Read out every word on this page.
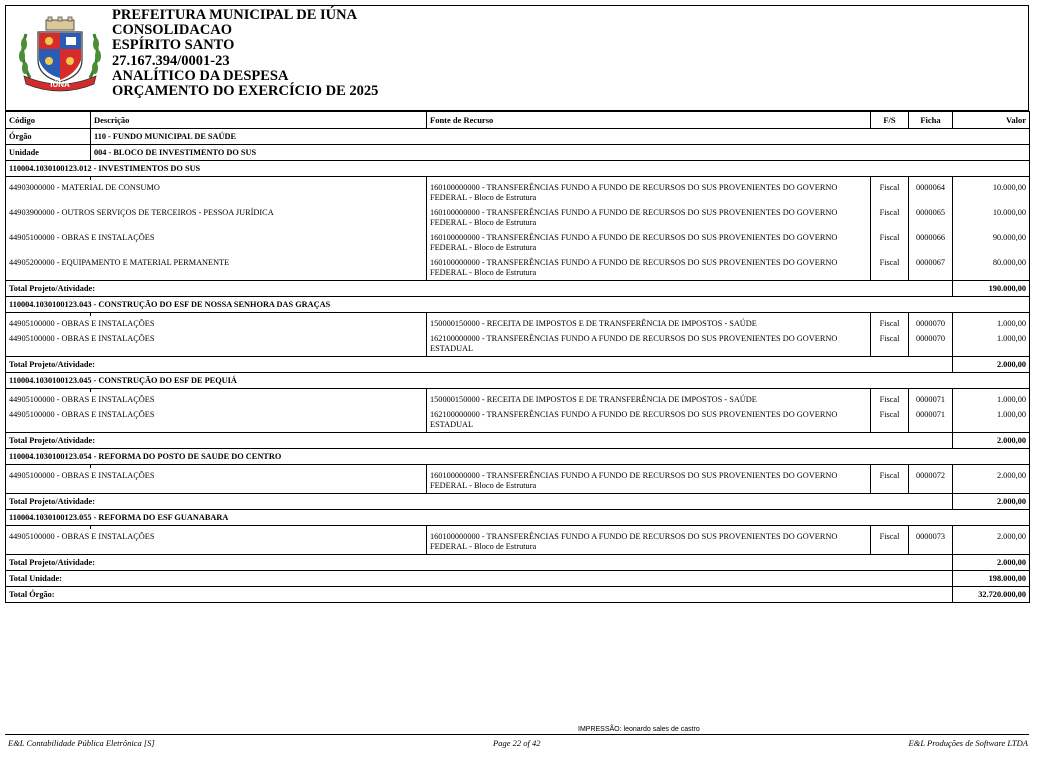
IÚNA
PREFEITURA MUNICIPAL DE IÚNA
CONSOLIDACAO
ESPÍRITO SANTO
27.167.394/0001-23
ANALÍTICO DA DESPESA
ORÇAMENTO DO EXERCÍCIO DE 2025
Código	Descrição	Fonte de Recurso	F/S	Ficha	Valor
Órgão	110 - FUNDO MUNICIPAL DE SAÚDE				
Unidade	004 - BLOCO DE INVESTIMENTO DO SUS				
110004.1030100123.012 - INVESTIMENTOS DO SUS					

44903000000 - MATERIAL DE CONSUMO		160100000000 - TRANSFERÊNCIAS FUNDO A FUNDO DE RECURSOS DO SUS PROVENIENTES DO GOVERNO FEDERAL - Bloco de Estrutura	Fiscal	0000064	10.000,00
44903900000 - OUTROS SERVIÇOS DE TERCEIROS - PESSOA JURÍDICA		160100000000 - TRANSFERÊNCIAS FUNDO A FUNDO DE RECURSOS DO SUS PROVENIENTES DO GOVERNO FEDERAL - Bloco de Estrutura	Fiscal	0000065	10.000,00
44905100000 - OBRAS E INSTALAÇÕES		160100000000 - TRANSFERÊNCIAS FUNDO A FUNDO DE RECURSOS DO SUS PROVENIENTES DO GOVERNO FEDERAL - Bloco de Estrutura	Fiscal	0000066	90.000,00
44905200000 - EQUIPAMENTO E MATERIAL PERMANENTE		160100000000 - TRANSFERÊNCIAS FUNDO A FUNDO DE RECURSOS DO SUS PROVENIENTES DO GOVERNO FEDERAL - Bloco de Estrutura	Fiscal	0000067	80.000,00
Total Projeto/Atividade:					190.000,00
110004.1030100123.043 - CONSTRUÇÃO DO ESF DE NOSSA SENHORA DAS GRAÇAS					

44905100000 - OBRAS E INSTALAÇÕES		150000150000 - RECEITA DE IMPOSTOS E DE TRANSFERÊNCIA DE IMPOSTOS - SAÚDE	Fiscal	0000070	1.000,00
44905100000 - OBRAS E INSTALAÇÕES		162100000000 - TRANSFERÊNCIAS FUNDO A FUNDO DE RECURSOS DO SUS PROVENIENTES DO GOVERNO ESTADUAL	Fiscal	0000070	1.000,00
Total Projeto/Atividade:					2.000,00
110004.1030100123.045 - CONSTRUÇÃO DO ESF DE PEQUIÁ					

44905100000 - OBRAS E INSTALAÇÕES		150000150000 - RECEITA DE IMPOSTOS E DE TRANSFERÊNCIA DE IMPOSTOS - SAÚDE	Fiscal	0000071	1.000,00
44905100000 - OBRAS E INSTALAÇÕES		162100000000 - TRANSFERÊNCIAS FUNDO A FUNDO DE RECURSOS DO SUS PROVENIENTES DO GOVERNO ESTADUAL	Fiscal	0000071	1.000,00
Total Projeto/Atividade:					2.000,00
110004.1030100123.054 - REFORMA DO POSTO DE SAUDE DO CENTRO					

44905100000 - OBRAS E INSTALAÇÕES		160100000000 - TRANSFERÊNCIAS FUNDO A FUNDO DE RECURSOS DO SUS PROVENIENTES DO GOVERNO FEDERAL - Bloco de Estrutura	Fiscal	0000072	2.000,00
Total Projeto/Atividade:					2.000,00
110004.1030100123.055 - REFORMA DO ESF GUANABARA					

44905100000 - OBRAS E INSTALAÇÕES		160100000000 - TRANSFERÊNCIAS FUNDO A FUNDO DE RECURSOS DO SUS PROVENIENTES DO GOVERNO FEDERAL - Bloco de Estrutura	Fiscal	0000073	2.000,00
Total Projeto/Atividade:					2.000,00
Total Unidade:					198.000,00
Total Órgão:					32.720.000,00
IMPRESSÃO: leonardo sales de castro
E&L Contabilidade Pública Eletrônica [S]	Page 22 of 42	E&L Produções de Software LTDA
